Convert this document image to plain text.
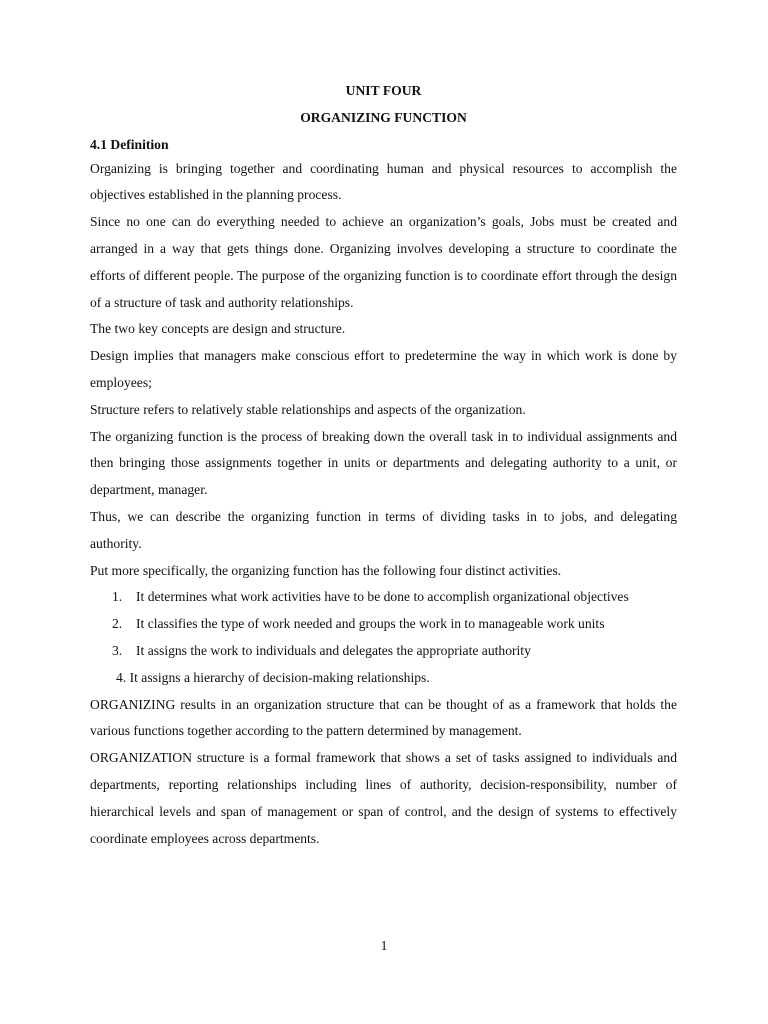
UNIT FOUR
ORGANIZING FUNCTION
4.1 Definition

Organizing is bringing together and coordinating human and physical resources to accomplish the objectives established in the planning process.

Since no one can do everything needed to achieve an organization’s goals, Jobs must be created and arranged in a way that gets things done. Organizing involves developing a structure to coordinate the efforts of different people. The purpose of the organizing function is to coordinate effort through the design of a structure of task and authority relationships.

The two key concepts are design and structure.

Design implies that managers make conscious effort to predetermine the way in which work is done by employees;

Structure refers to relatively stable relationships and aspects of the organization.

The organizing function is the process of breaking down the overall task in to individual assignments and then bringing those assignments together in units or departments and delegating authority to a unit, or department, manager.

Thus, we can describe the organizing function in terms of dividing tasks in to jobs, and delegating authority.

Put more specifically, the organizing function has the following four distinct activities.

1. It determines what work activities have to be done to accomplish organizational objectives
2. It classifies the type of work needed and groups the work in to manageable work units
3. It assigns the work to individuals and delegates the appropriate authority
4. It assigns a hierarchy of decision-making relationships.

ORGANIZING results in an organization structure that can be thought of as a framework that holds the various functions together according to the pattern determined by management.

ORGANIZATION structure is a formal framework that shows a set of tasks assigned to individuals and departments, reporting relationships including lines of authority, decision-responsibility, number of hierarchical levels and span of management or span of control, and the design of systems to effectively coordinate employees across departments.

1
